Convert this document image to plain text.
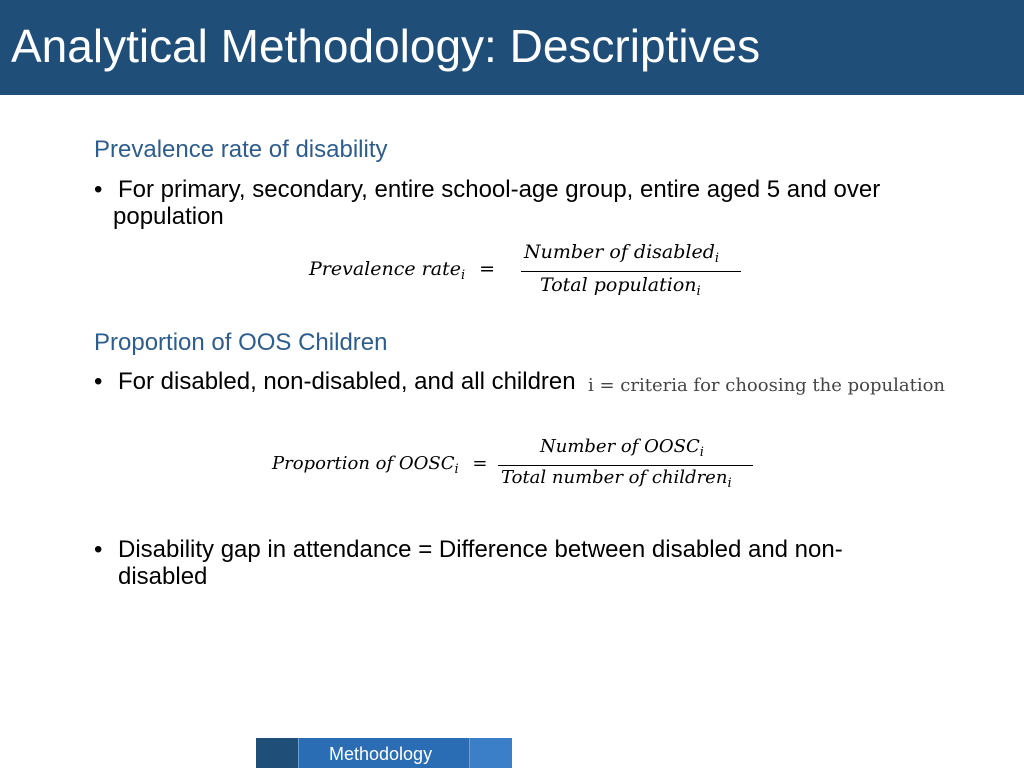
Analytical Methodology: Descriptives
Prevalence rate of disability
• For primary, secondary, entire school-age group, entire aged 5 and over
population
Prevalence rate$_i$ =
Number of disabled$_i$
Total population$_i$
Proportion of OOS Children
• For disabled, non-disabled, and all children i = criteria for choosing the population
Proportion of $OOSC_i$ =
Number of $OOSC_i$
Total number of children$_i$
• Disability gap in attendance = Difference between disabled and non-
disabled
Methodology
